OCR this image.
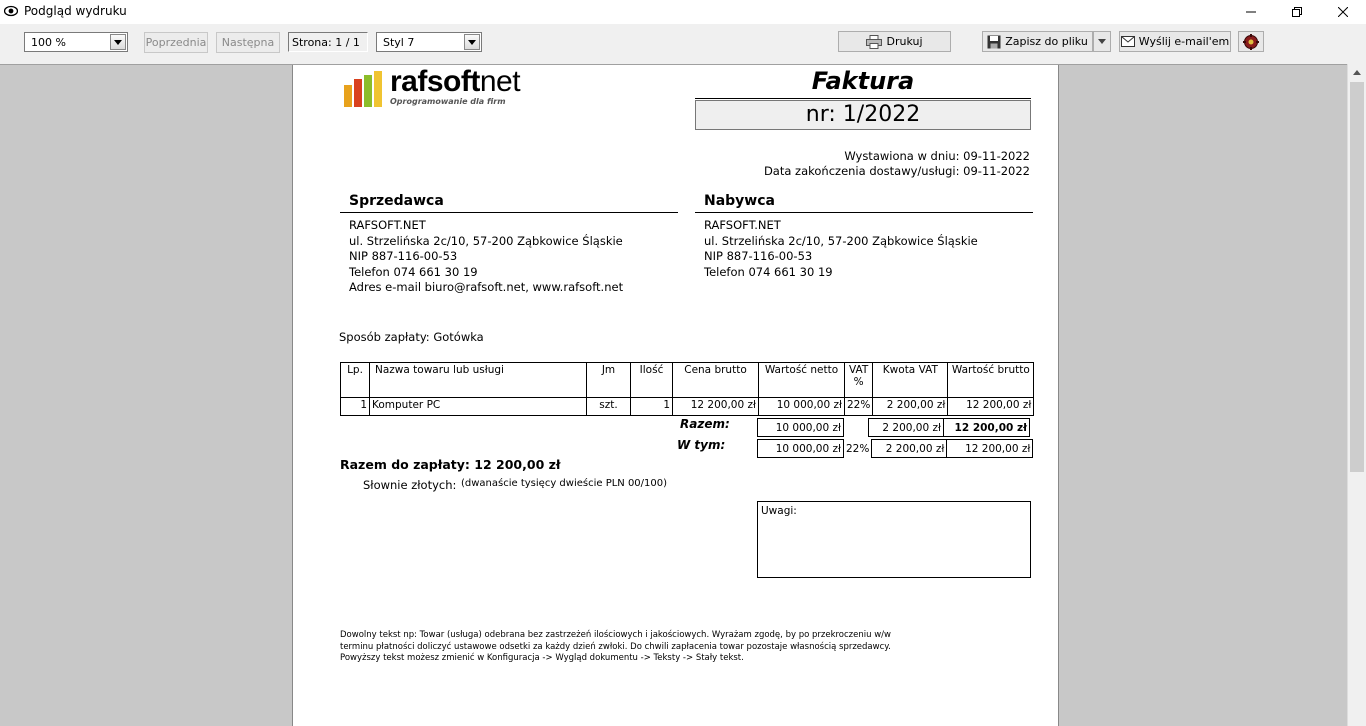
Podgląd wydruku
100 %	Poprzednia Następna	Strona: 1 / 1	Styl 7	Drukuj	Zapisz do pliku	Wyślij e-mail'em
rafsoftnet
Oprogramowanie dla firm
Faktura
nr: 1/2022
Wystawiona w dniu: 09-11-2022
Data zakończenia dostawy/usługi: 09-11-2022
Sprzedawca
RAFSOFT.NET
ul. Strzelińska 2c/10, 57-200 Ząbkowice Śląskie
NIP 887-116-00-53
Telefon 074 661 30 19
Adres e-mail biuro@rafsoft.net, www.rafsoft.net
Nabywca
RAFSOFT.NET
ul. Strzelińska 2c/10, 57-200 Ząbkowice Śląskie
NIP 887-116-00-53
Telefon 074 661 30 19
Sposób zapłaty: Gotówka
Lp.	Nazwa towaru lub usługi	Jm	Ilość	Cena brutto	Wartość netto	VAT %	Kwota VAT	Wartość brutto
1	Komputer PC	szt.	1	12 200,00 zł	10 000,00 zł	22%	2 200,00 zł	12 200,00 zł
Razem:	10 000,00 zł		2 200,00 zł	12 200,00 zł
W tym:	10 000,00 zł	22%	2 200,00 zł	12 200,00 zł
Razem do zapłaty: 12 200,00 zł
Słownie złotych: (dwanaście tysięcy dwieście PLN 00/100)
Uwagi:
Dowolny tekst np: Towar (usługa) odebrana bez zastrzeżeń ilościowych i jakościowych. Wyrażam zgodę, by po przekroczeniu w/w
terminu płatności doliczyć ustawowe odsetki za każdy dzień zwłoki. Do chwili zapłacenia towar pozostaje własnością sprzedawcy.
Powyższy tekst możesz zmienić w Konfiguracja -> Wygląd dokumentu -> Teksty -> Stały tekst.
